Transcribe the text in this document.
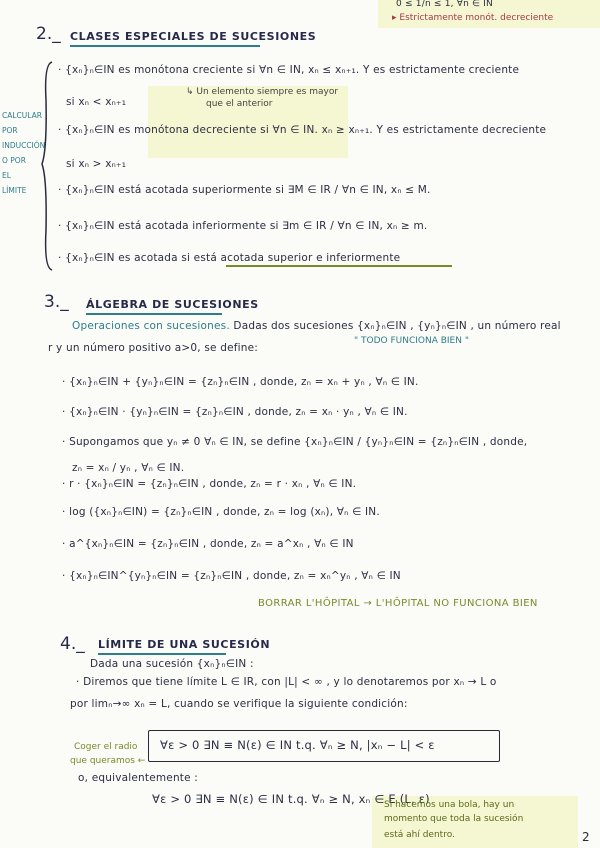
0 ≤ 1/n ≤ 1, ∀n ∈ IN
▸ Estrictamente monót. decreciente
2._ CLASES ESPECIALES DE SUCESIONES
CALCULAR
POR
INDUCCIÓN
O POR
EL
LÍMITE
· {xₙ}ₙ∈IN es monótona creciente si ∀n ∈ IN, xₙ ≤ xₙ₊₁. Y es estrictamente creciente
si xₙ < xₙ₊₁
↳ Un elemento siempre es mayor
que el anterior
· {xₙ}ₙ∈IN es monótona decreciente si ∀n ∈ IN. xₙ ≥ xₙ₊₁. Y es estrictamente decreciente
si xₙ > xₙ₊₁
· {xₙ}ₙ∈IN está acotada superiormente si ∃M ∈ IR / ∀n ∈ IN, xₙ ≤ M.
· {xₙ}ₙ∈IN está acotada inferiormente si ∃m ∈ IR / ∀n ∈ IN, xₙ ≥ m.
· {xₙ}ₙ∈IN es acotada si está acotada superior e inferiormente
3._ ÁLGEBRA DE SUCESIONES
Operaciones con sucesiones. Dadas dos sucesiones {xₙ}ₙ∈IN , {yₙ}ₙ∈IN , un número real
r y un número positivo a>0, se define:
" TODO FUNCIONA BIEN "
· {xₙ}ₙ∈IN + {yₙ}ₙ∈IN = {zₙ}ₙ∈IN , donde, zₙ = xₙ + yₙ , ∀ₙ ∈ IN.
· {xₙ}ₙ∈IN · {yₙ}ₙ∈IN = {zₙ}ₙ∈IN , donde, zₙ = xₙ · yₙ , ∀ₙ ∈ IN.
· Supongamos que yₙ ≠ 0 ∀ₙ ∈ IN, se define {xₙ}ₙ∈IN / {yₙ}ₙ∈IN = {zₙ}ₙ∈IN , donde,
zₙ = xₙ / yₙ , ∀ₙ ∈ IN.
· r · {xₙ}ₙ∈IN = {zₙ}ₙ∈IN , donde, zₙ = r · xₙ , ∀ₙ ∈ IN.
· log ({xₙ}ₙ∈IN) = {zₙ}ₙ∈IN , donde, zₙ = log (xₙ), ∀ₙ ∈ IN.
· a^{xₙ}ₙ∈IN = {zₙ}ₙ∈IN , donde, zₙ = a^xₙ , ∀ₙ ∈ IN
· {xₙ}ₙ∈IN^{yₙ}ₙ∈IN = {zₙ}ₙ∈IN , donde, zₙ = xₙ^yₙ , ∀ₙ ∈ IN
BORRAR L'HÔPITAL → L'HÔPITAL NO FUNCIONA BIEN
4._ LÍMITE DE UNA SUCESIÓN
Dada una sucesión {xₙ}ₙ∈IN :
· Diremos que tiene límite L ∈ IR, con |L| < ∞ , y lo denotaremos por xₙ → L o
por limₙ→∞ xₙ = L, cuando se verifique la siguiente condición:
∀ε > 0 ∃N ≡ N(ε) ∈ IN t.q. ∀ₙ ≥ N, |xₙ − L| < ε
Coger el radio
que queramos ←
o, equivalentemente :
∀ε > 0 ∃N ≡ N(ε) ∈ IN t.q. ∀ₙ ≥ N, xₙ ∈ E (L, ε)
Si hacemos una bola, hay un
momento que toda la sucesión
está ahí dentro.	2
